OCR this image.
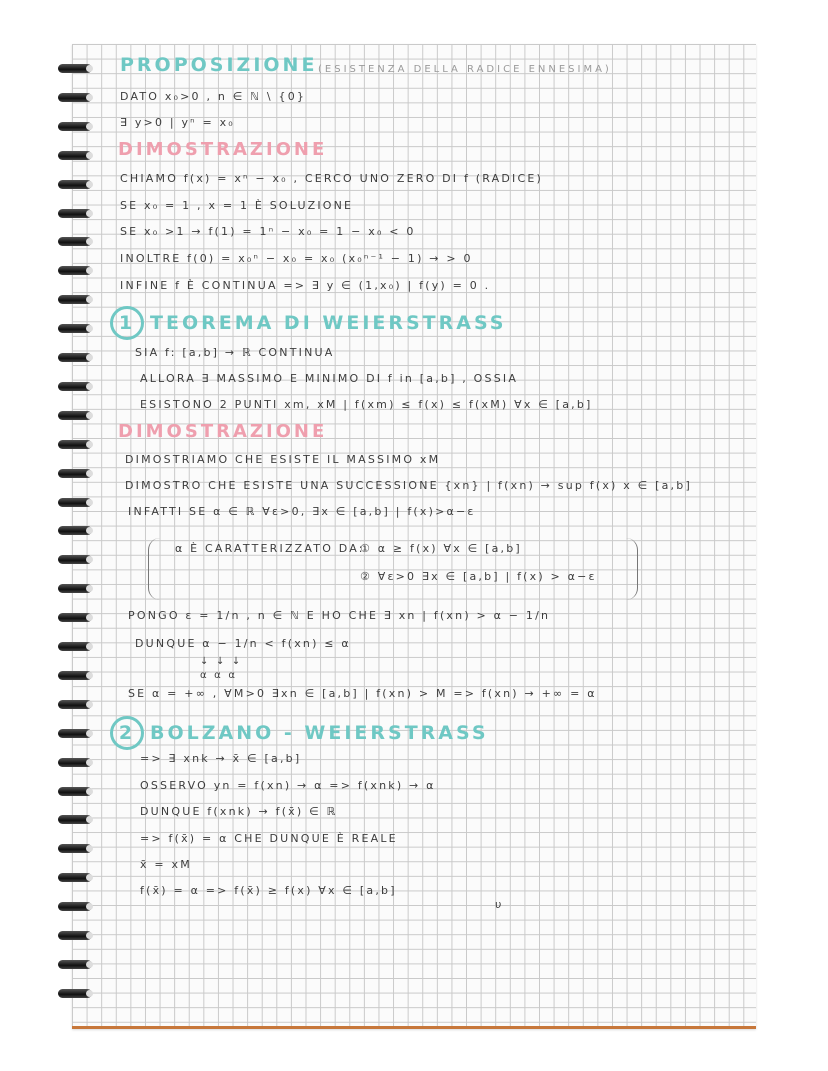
PROPOSIZIONE (ESISTENZA DELLA RADICE ENNESIMA)
DATO x₀>0 , n ∈ ℕ \ {0}
∃ y>0 | yⁿ = x₀
DIMOSTRAZIONE
CHIAMO f(x) = xⁿ − x₀ , CERCO UNO ZERO DI f (RADICE)
SE x₀ = 1 , x = 1 È SOLUZIONE
SE x₀ >1 → f(1) = 1ⁿ − x₀ = 1 − x₀ < 0
INOLTRE f(0) = x₀ⁿ − x₀ = x₀ (x₀ⁿ⁻¹ − 1) → > 0
INFINE f È CONTINUA => ∃ y ∈ (1,x₀) | f(y) = 0 .
1 TEOREMA DI WEIERSTRASS
SIA f: [a,b] → ℝ CONTINUA
ALLORA ∃ MASSIMO E MINIMO DI f in [a,b] , OSSIA
ESISTONO 2 PUNTI xm, xM | f(xm) ≤ f(x) ≤ f(xM) ∀x ∈ [a,b]
DIMOSTRAZIONE
DIMOSTRIAMO CHE ESISTE IL MASSIMO xM
DIMOSTRO CHE ESISTE UNA SUCCESSIONE {xn} | f(xn) → sup f(x) x ∈ [a,b]
INFATTI SE α ∈ ℝ ∀ε>0, ∃x ∈ [a,b] | f(x)>α−ε
α È CARATTERIZZATO DA:
① α ≥ f(x) ∀x ∈ [a,b]
② ∀ε>0 ∃x ∈ [a,b] | f(x) > α−ε
PONGO ε = 1/n , n ∈ ℕ E HO CHE ∃ xn | f(xn) > α − 1/n
DUNQUE α − 1/n < f(xn) ≤ α
↓ ↓ ↓
α α α
SE α = +∞ , ∀M>0 ∃xn ∈ [a,b] | f(xn) > M => f(xn) → +∞ = α
2 BOLZANO - WEIERSTRASS
=> ∃ xnk → x̄ ∈ [a,b]
OSSERVO yn = f(xn) → α => f(xnk) → α
DUNQUE f(xnk) → f(x̄) ∈ ℝ
=> f(x̄) = α CHE DUNQUE È REALE
x̄ = xM
f(x̄) = α => f(x̄) ≥ f(x) ∀x ∈ [a,b]
υ
